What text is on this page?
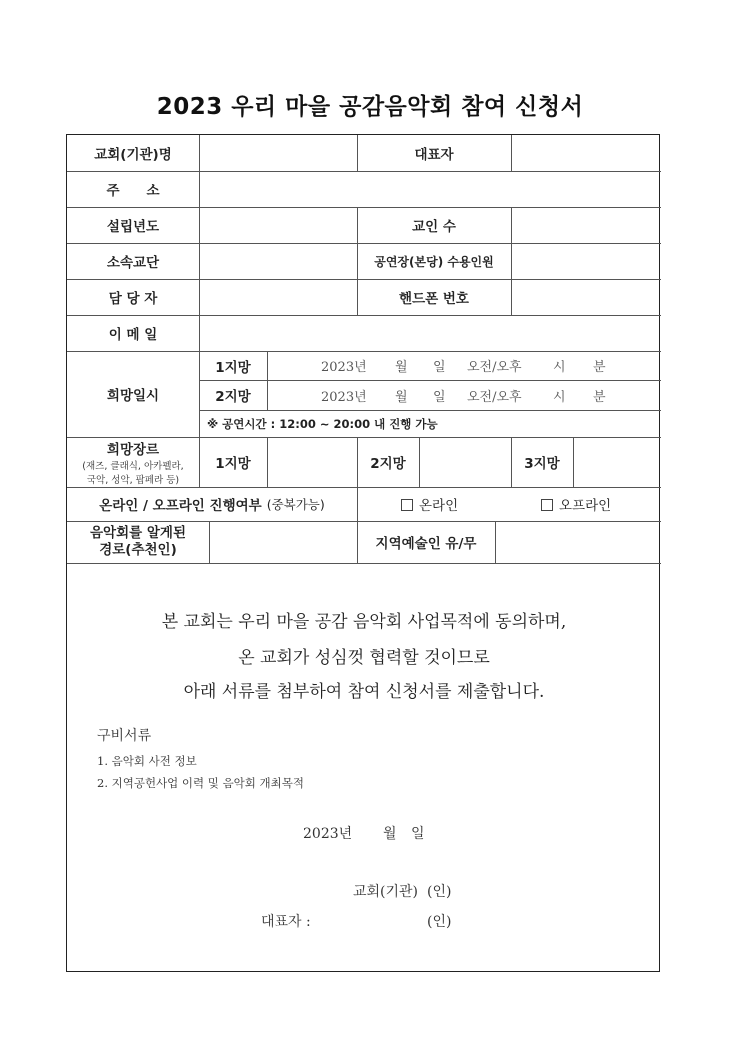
2023 우리 마을 공감음악회 참여 신청서
교회(기관)명	대표자
주　　소
설립년도	교인 수
소속교단	공연장(본당) 수용인원
담 당 자	핸드폰 번호
이 메 일
희망일시
1지망	2023년 월 일 오전/오후 시 분
2지망	2023년 월 일 오전/오후 시 분
※ 공연시간 : 12:00 ~ 20:00 내 진행 가능
희망장르
(재즈, 클래식, 아카펠라,
국악, 성악, 팝페라 등)
1지망	2지망	3지망
온라인 / 오프라인 진행여부 (중복가능)	온라인	오프라인
음악회를 알게된
경로(추천인)	지역예술인 유/무
본 교회는 우리 마을 공감 음악회 사업목적에 동의하며,
온 교회가 성심껏 협력할 것이므로
아래 서류를 첨부하여 참여 신청서를 제출합니다.
구비서류
1. 음악회 사전 정보
2. 지역공헌사업 이력 및 음악회 개최목적
2023년 월 일
교회(기관) (인)
대표자 :	(인)
